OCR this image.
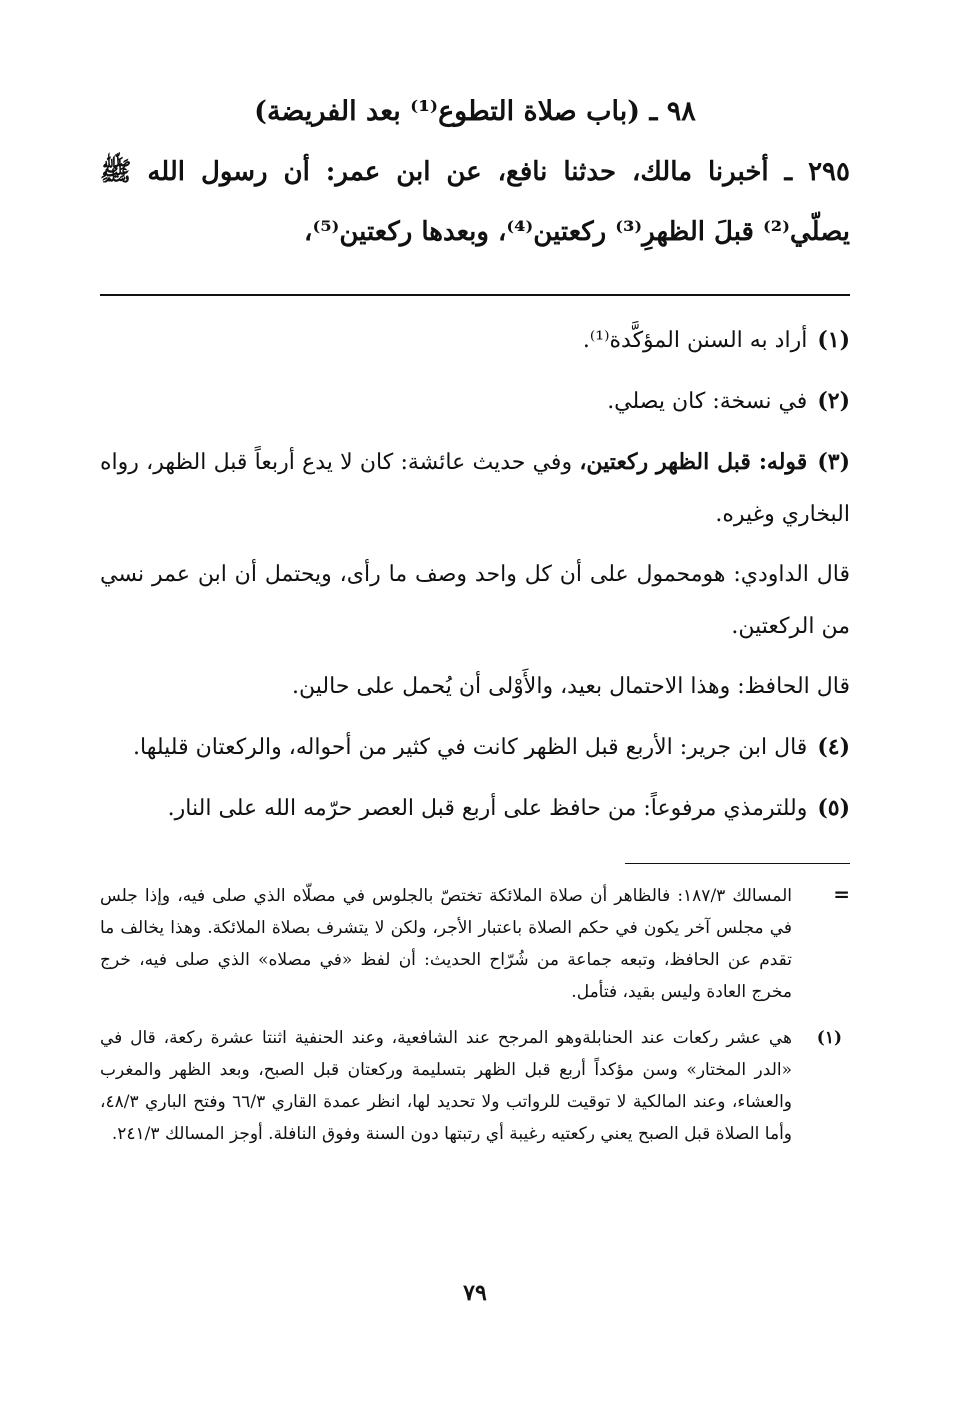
٩٨ ـ (باب صلاة التطوع⁽¹⁾ بعد الفريضة)

٢٩٥ ـ أخبرنا مالك، حدثنا نافع، عن ابن عمر: أن رسول الله ﷺ يصلّي⁽²⁾ قبلَ الظهرِ⁽³⁾ ركعتين⁽⁴⁾، وبعدها ركعتين⁽⁵⁾،

(١)أراد به السنن المؤكَّدة⁽¹⁾.

(٢)في نسخة: كان يصلي.

(٣)قوله: قبل الظهر ركعتين، وفي حديث عائشة: كان لا يدع أربعاً قبل الظهر، رواه البخاري وغيره.

قال الداودي: هومحمول على أن كل واحد وصف ما رأى، ويحتمل أن ابن عمر نسي من الركعتين.

قال الحافظ: وهذا الاحتمال بعيد، والأَوْلى أن يُحمل على حالين.

(٤)قال ابن جرير: الأربع قبل الظهر كانت في كثير من أحواله، والركعتان قليلها.

(٥)وللترمذي مرفوعاً: من حافظ على أربع قبل العصر حرّمه الله على النار.

=

المسالك ١٨٧/٣: فالظاهر أن صلاة الملائكة تختصّ بالجلوس في مصلّاه الذي صلى فيه، وإذا جلس في مجلس آخر يكون في حكم الصلاة باعتبار الأجر، ولكن لا يتشرف بصلاة الملائكة. وهذا يخالف ما تقدم عن الحافظ، وتبعه جماعة من شُرّاح الحديث: أن لفظ «في مصلاه» الذي صلى فيه، خرج مخرج العادة وليس بقيد، فتأمل.

(١)
هي عشر ركعات عند الحنابلةوهو المرجح عند الشافعية، وعند الحنفية اثنتا عشرة ركعة، قال في «الدر المختار» وسن مؤكداً أربع قبل الظهر بتسليمة وركعتان قبل الصبح، وبعد الظهر والمغرب والعشاء، وعند المالكية لا توقيت للرواتب ولا تحديد لها، انظر عمدة القاري ٦٦/٣ وفتح الباري ٤٨/٣، وأما الصلاة قبل الصبح يعني ركعتيه رغيبة أي رتبتها دون السنة وفوق النافلة. أوجز المسالك ٢٤١/٣.

٧٩
